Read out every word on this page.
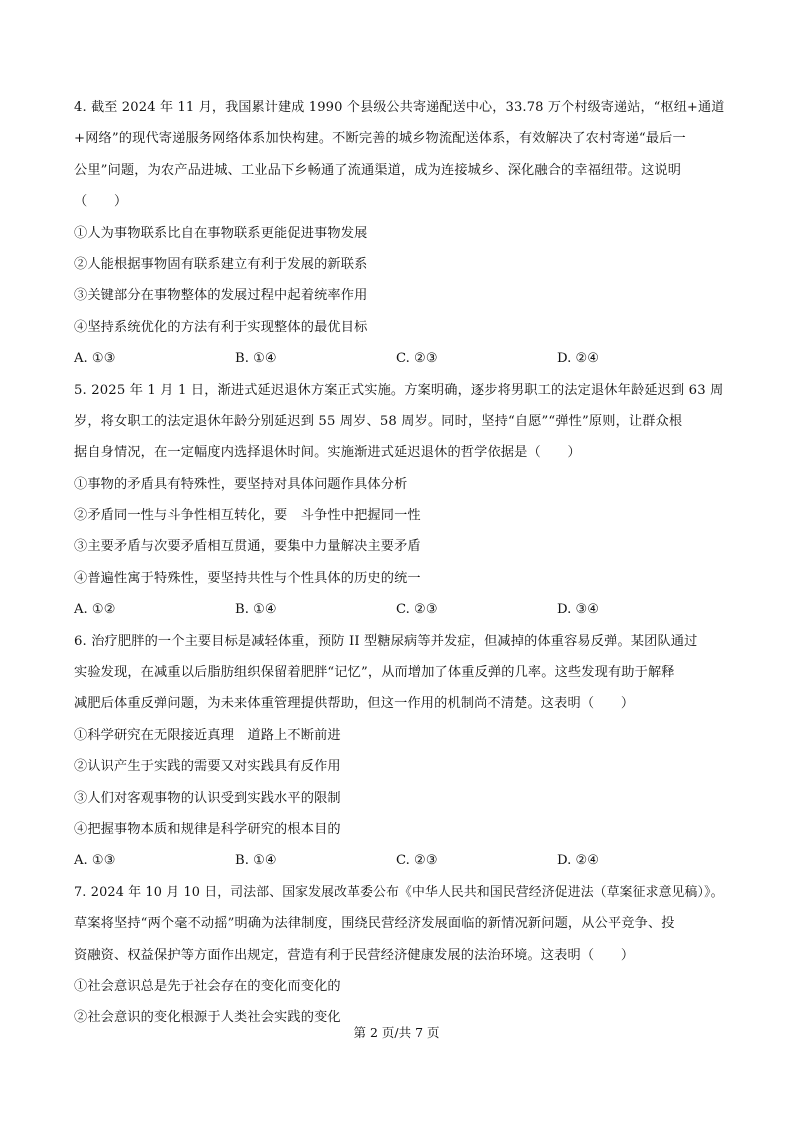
4. 截至 2024 年 11 月，我国累计建成 1990 个县级公共寄递配送中心，33.78 万个村级寄递站，“枢纽+通道
+网络”的现代寄递服务网络体系加快构建。不断完善的城乡物流配送体系，有效解决了农村寄递“最后一
公里”问题，为农产品进城、工业品下乡畅通了流通渠道，成为连接城乡、深化融合的幸福纽带。这说明
（　　）
①人为事物联系比自在事物联系更能促进事物发展
②人能根据事物固有联系建立有利于发展的新联系
③关键部分在事物整体的发展过程中起着统率作用
④坚持系统优化的方法有利于实现整体的最优目标
A. ①③	B. ①④	C. ②③	D. ②④
5. 2025 年 1 月 1 日，渐进式延迟退休方案正式实施。方案明确，逐步将男职工的法定退休年龄延迟到 63 周
岁，将女职工的法定退休年龄分别延迟到 55 周岁、58 周岁。同时，坚持“自愿”“弹性”原则，让群众根
据自身情况，在一定幅度内选择退休时间。实施渐进式延迟退休的哲学依据是（　　）
①事物的矛盾具有特殊性，要坚持对具体问题作具体分析
②矛盾同一性与斗争性相互转化，要　斗争性中把握同一性
③主要矛盾与次要矛盾相互贯通，要集中力量解决主要矛盾
④普遍性寓于特殊性，要坚持共性与个性具体的历史的统一
A. ①②	B. ①④	C. ②③	D. ③④
6. 治疗肥胖的一个主要目标是减轻体重，预防 II 型糖尿病等并发症，但减掉的体重容易反弹。某团队通过
实验发现，在减重以后脂肪组织保留着肥胖“记忆”，从而增加了体重反弹的几率。这些发现有助于解释
减肥后体重反弹问题，为未来体重管理提供帮助，但这一作用的机制尚不清楚。这表明（　　）
①科学研究在无限接近真理　道路上不断前进
②认识产生于实践的需要又对实践具有反作用
③人们对客观事物的认识受到实践水平的限制
④把握事物本质和规律是科学研究的根本目的
A. ①③	B. ①④	C. ②③	D. ②④
7. 2024 年 10 月 10 日，司法部、国家发展改革委公布《中华人民共和国民营经济促进法（草案征求意见稿）》。
草案将坚持“两个毫不动摇”明确为法律制度，围绕民营经济发展面临的新情况新问题，从公平竞争、投
资融资、权益保护等方面作出规定，营造有利于民营经济健康发展的法治环境。这表明（　　）
①社会意识总是先于社会存在的变化而变化的
②社会意识的变化根源于人类社会实践的变化
第 2 页/共 7 页
